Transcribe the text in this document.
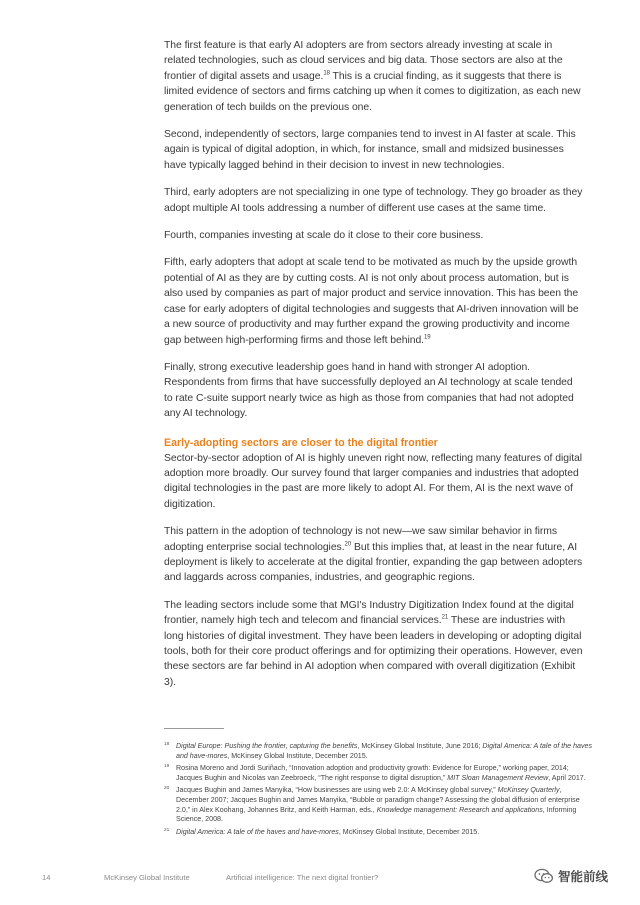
The first feature is that early AI adopters are from sectors already investing at scale in related technologies, such as cloud services and big data. Those sectors are also at the frontier of digital assets and usage.$^{18}$ This is a crucial finding, as it suggests that there is limited evidence of sectors and firms catching up when it comes to digitization, as each new generation of tech builds on the previous one.

Second, independently of sectors, large companies tend to invest in AI faster at scale. This again is typical of digital adoption, in which, for instance, small and midsized businesses have typically lagged behind in their decision to invest in new technologies.

Third, early adopters are not specializing in one type of technology. They go broader as they adopt multiple AI tools addressing a number of different use cases at the same time.

Fourth, companies investing at scale do it close to their core business.

Fifth, early adopters that adopt at scale tend to be motivated as much by the upside growth potential of AI as they are by cutting costs. AI is not only about process automation, but is also used by companies as part of major product and service innovation. This has been the case for early adopters of digital technologies and suggests that AI-driven innovation will be a new source of productivity and may further expand the growing productivity and income gap between high-performing firms and those left behind.$^{19}$

Finally, strong executive leadership goes hand in hand with stronger AI adoption. Respondents from firms that have successfully deployed an AI technology at scale tended to rate C-suite support nearly twice as high as those from companies that had not adopted any AI technology.

Early-adopting sectors are closer to the digital frontier

Sector-by-sector adoption of AI is highly uneven right now, reflecting many features of digital adoption more broadly. Our survey found that larger companies and industries that adopted digital technologies in the past are more likely to adopt AI. For them, AI is the next wave of digitization.

This pattern in the adoption of technology is not new—we saw similar behavior in firms adopting enterprise social technologies.$^{20}$ But this implies that, at least in the near future, AI deployment is likely to accelerate at the digital frontier, expanding the gap between adopters and laggards across companies, industries, and geographic regions.

The leading sectors include some that MGI's Industry Digitization Index found at the digital frontier, namely high tech and telecom and financial services.$^{21}$ These are industries with long histories of digital investment. They have been leaders in developing or adopting digital tools, both for their core product offerings and for optimizing their operations. However, even these sectors are far behind in AI adoption when compared with overall digitization (Exhibit 3).

18 Digital Europe: Pushing the frontier, capturing the benefits, McKinsey Global Institute, June 2016; Digital America: A tale of the haves and have-mores, McKinsey Global Institute, December 2015.
19 Rosina Moreno and Jordi Suriñach, “Innovation adoption and productivity growth: Evidence for Europe,” working paper, 2014; Jacques Bughin and Nicolas van Zeebroeck, “The right response to digital disruption,” MIT Sloan Management Review, April 2017.
20 Jacques Bughin and James Manyika, “How businesses are using web 2.0: A McKinsey global survey,” McKinsey Quarterly, December 2007; Jacques Bughin and James Manyika, “Bubble or paradigm change? Assessing the global diffusion of enterprise 2.0,” in Alex Koohang, Johannes Britz, and Keith Harman, eds., Knowledge management: Research and applications, Informing Science, 2008.
21 Digital America: A tale of the haves and have-mores, McKinsey Global Institute, December 2015.
14	McKinsey Global Institute	Artificial intelligence: The next digital frontier?	智能前线
